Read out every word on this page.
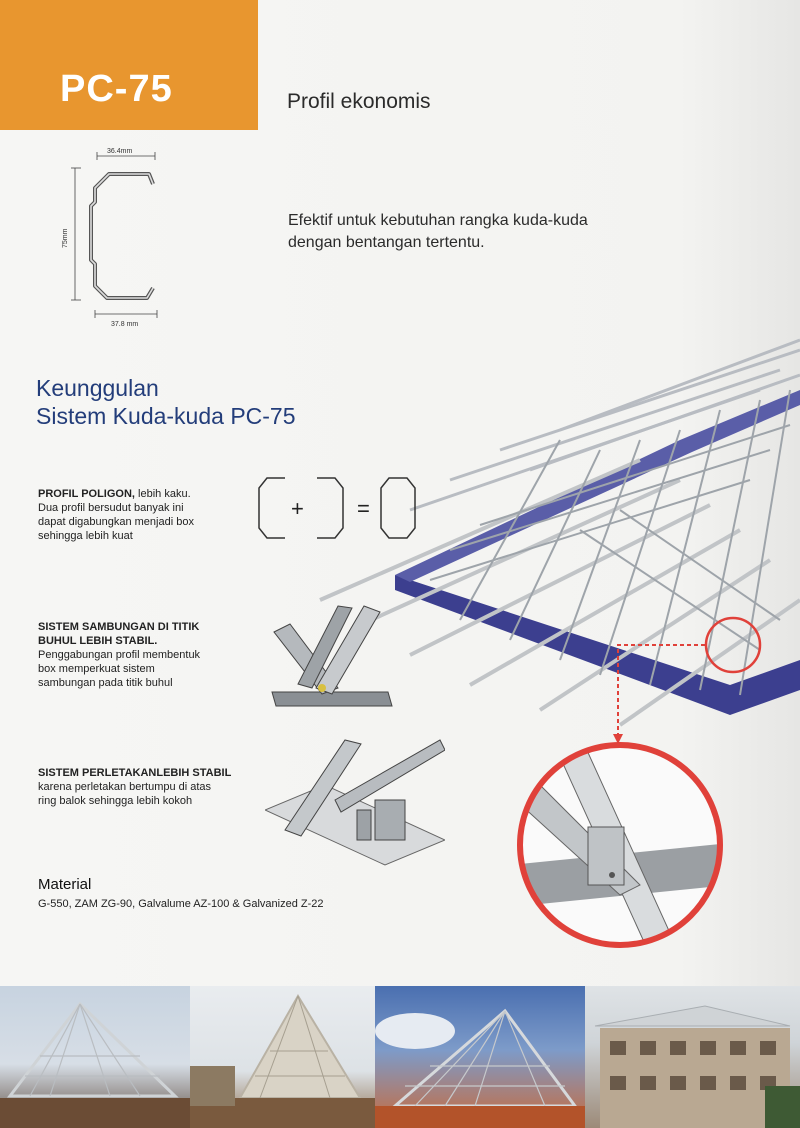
PC-75	Profil ekonomis
36.4mm
75mm
37.8 mm
Efektif untuk kebutuhan rangka kuda-kuda
dengan bentangan tertentu.
Keunggulan
Sistem Kuda-kuda PC-75
+ =
PROFIL POLIGON, lebih kaku.
Dua profil bersudut banyak ini
dapat digabungkan menjadi box
sehingga lebih kuat
SISTEM SAMBUNGAN DI TITIK
BUHUL LEBIH STABIL.
Penggabungan profil membentuk
box memperkuat sistem
sambungan pada titik buhul
SISTEM PERLETAKANLEBIH STABIL
karena perletakan bertumpu di atas
ring balok sehingga lebih kokoh
Material
G-550, ZAM ZG-90, Galvalume AZ-100 & Galvanized Z-22
